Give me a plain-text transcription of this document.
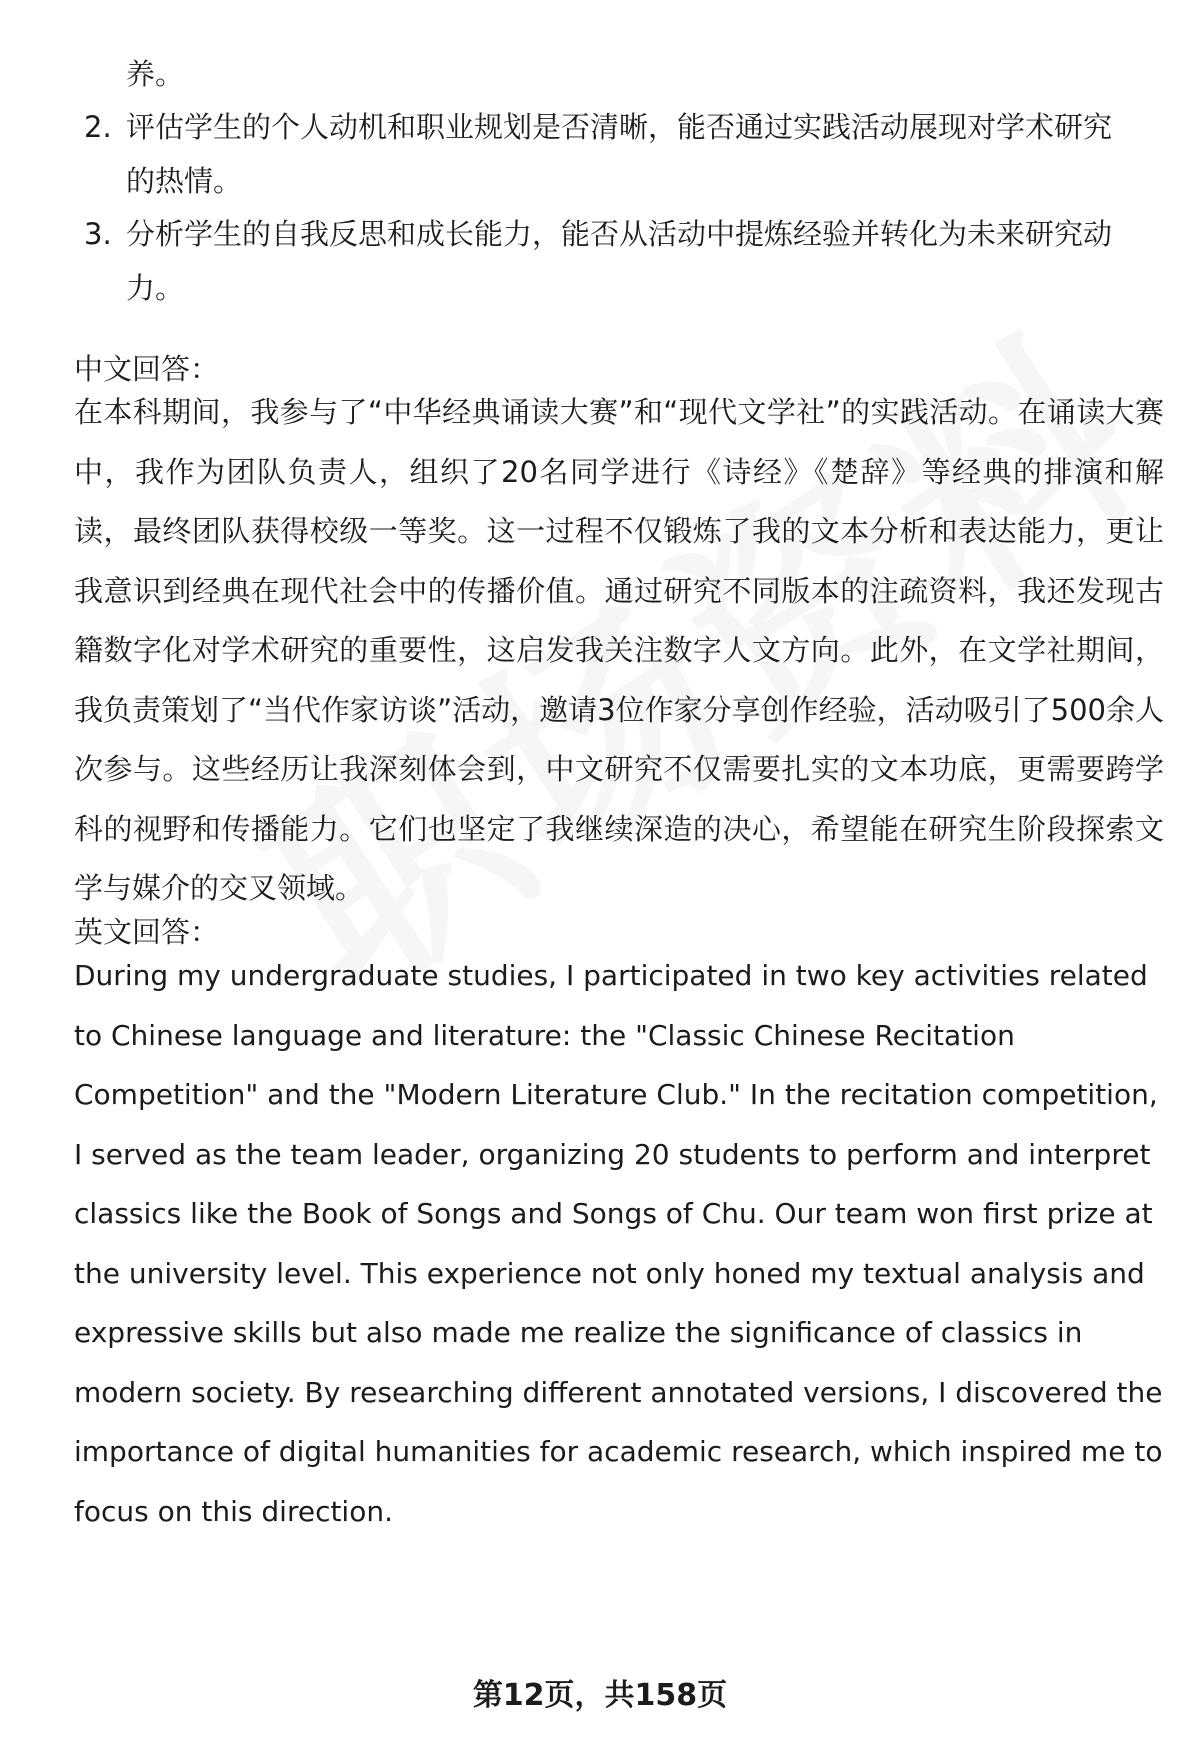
养。
2. 评估学生的个人动机和职业规划是否清晰，能否通过实践活动展现对学术研究
的热情。
3. 分析学生的自我反思和成长能力，能否从活动中提炼经验并转化为未来研究动
力。
中文回答：
在本科期间，我参与了“中华经典诵读大赛”和“现代文学社”的实践活动。在诵读大赛中，我作为团队负责人，组织了20名同学进行《诗经》《楚辞》等经典的排演和解读，最终团队获得校级一等奖。这一过程不仅锻炼了我的文本分析和表达能力，更让我意识到经典在现代社会中的传播价值。通过研究不同版本的注疏资料，我还发现古籍数字化对学术研究的重要性，这启发我关注数字人文方向。此外，在文学社期间，我负责策划了“当代作家访谈”活动，邀请3位作家分享创作经验，活动吸引了500余人次参与。这些经历让我深刻体会到，中文研究不仅需要扎实的文本功底，更需要跨学科的视野和传播能力。它们也坚定了我继续深造的决心，希望能在研究生阶段探索文学与媒介的交叉领域。
英文回答：
During my undergraduate studies, I participated in two key activities related to Chinese language and literature: the "Classic Chinese Recitation Competition" and the "Modern Literature Club." In the recitation competition, I served as the team leader, organizing 20 students to perform and interpret classics like the Book of Songs and Songs of Chu. Our team won first prize at the university level. This experience not only honed my textual analysis and expressive skills but also made me realize the significance of classics in modern society. By researching different annotated versions, I discovered the importance of digital humanities for academic research, which inspired me to focus on this direction.
第12页，共158页
